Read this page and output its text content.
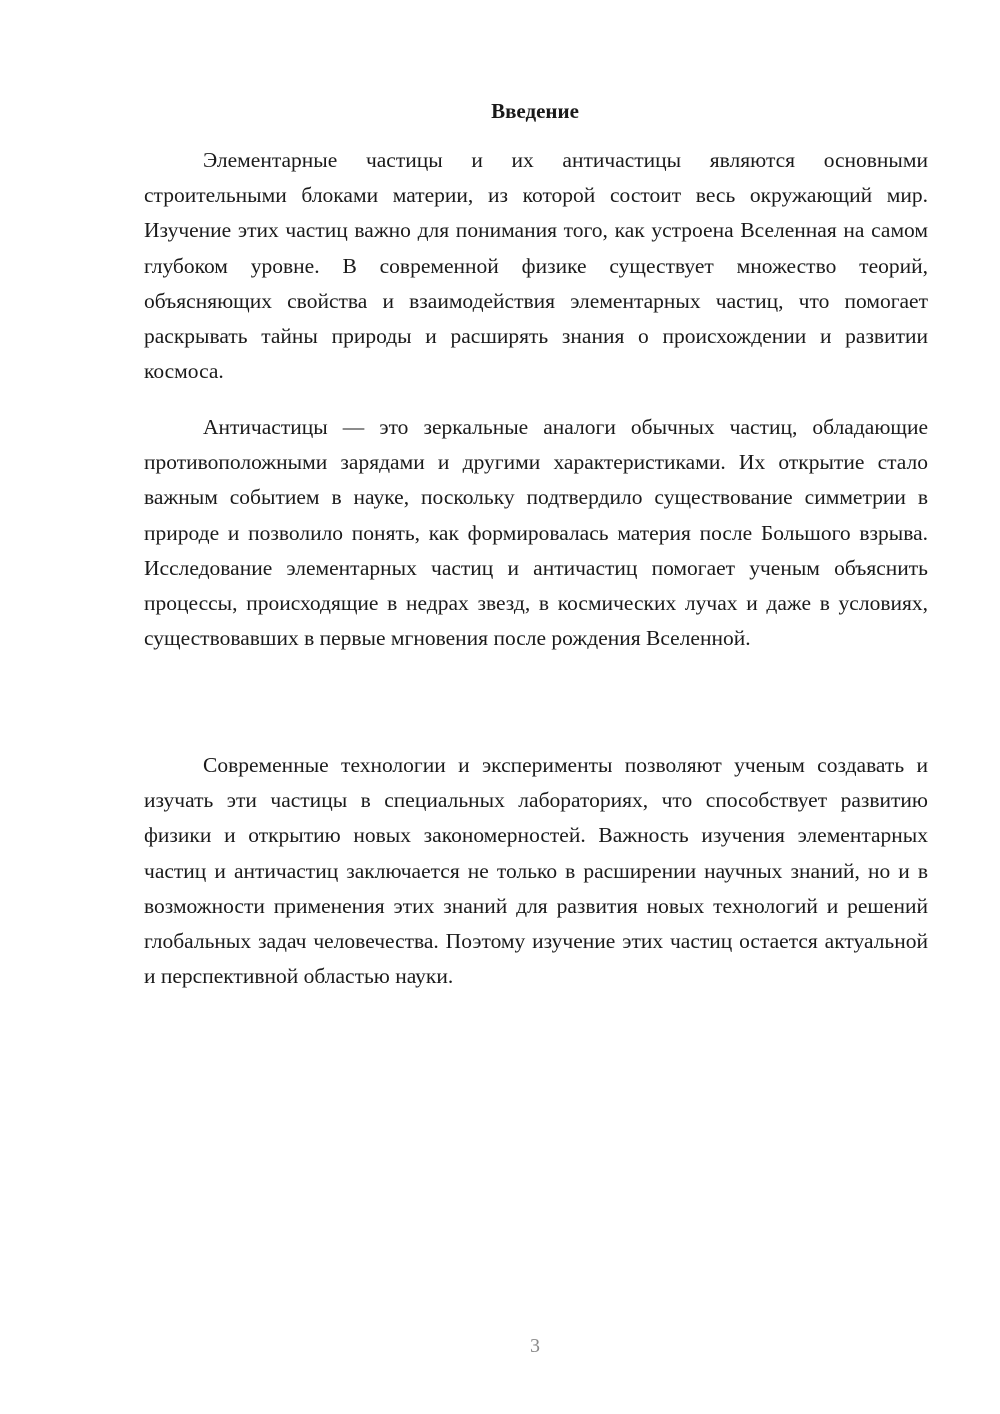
Введение

Элементарные частицы и их античастицы являются основными строительными блоками материи, из которой состоит весь окружающий мир. Изучение этих частиц важно для понимания того, как устроена Вселенная на самом глубоком уровне. В современной физике существует множество теорий, объясняющих свойства и взаимодействия элементарных частиц, что помогает раскрывать тайны природы и расширять знания о происхождении и развитии космоса.

Античастицы — это зеркальные аналоги обычных частиц, обладающие противоположными зарядами и другими характеристиками. Их открытие стало важным событием в науке, поскольку подтвердило существование симметрии в природе и позволило понять, как формировалась материя после Большого взрыва. Исследование элементарных частиц и античастиц помогает ученым объяснить процессы, происходящие в недрах звезд, в космических лучах и даже в условиях, существовавших в первые мгновения после рождения Вселенной.

Современные технологии и эксперименты позволяют ученым создавать и изучать эти частицы в специальных лабораториях, что способствует развитию физики и открытию новых закономерностей. Важность изучения элементарных частиц и античастиц заключается не только в расширении научных знаний, но и в возможности применения этих знаний для развития новых технологий и решений глобальных задач человечества. Поэтому изучение этих частиц остается актуальной и перспективной областью науки.

3
